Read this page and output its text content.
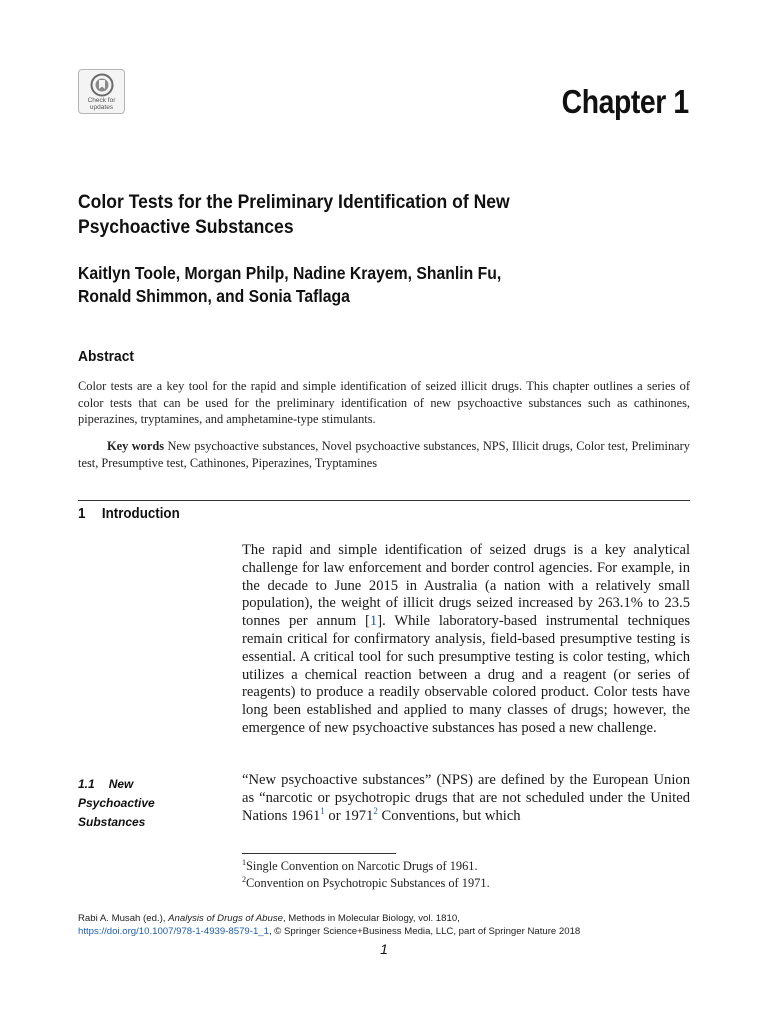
Check for
updates	Chapter 1
Color Tests for the Preliminary Identification of New
Psychoactive Substances
Kaitlyn Toole, Morgan Philp, Nadine Krayem, Shanlin Fu,
Ronald Shimmon, and Sonia Taflaga
Abstract
Color tests are a key tool for the rapid and simple identification of seized illicit drugs. This chapter outlines a series of color tests that can be used for the preliminary identification of new psychoactive substances such as cathinones, piperazines, tryptamines, and amphetamine-type stimulants.
Key words New psychoactive substances, Novel psychoactive substances, NPS, Illicit drugs, Color test, Preliminary test, Presumptive test, Cathinones, Piperazines, Tryptamines
1 Introduction
The rapid and simple identification of seized drugs is a key analytical challenge for law enforcement and border control agencies. For example, in the decade to June 2015 in Australia (a nation with a relatively small population), the weight of illicit drugs seized increased by 263.1% to 23.5 tonnes per annum [1]. While laboratory-based instrumental techniques remain critical for confirmatory analysis, field-based presumptive testing is essential. A critical tool for such presumptive testing is color testing, which utilizes a chemical reaction between a drug and a reagent (or series of reagents) to produce a readily observable colored product. Color tests have long been established and applied to many classes of drugs; however, the emergence of new psychoactive substances has posed a new challenge.
1.1 New
Psychoactive
Substances
“New psychoactive substances” (NPS) are defined by the European Union as “narcotic or psychotropic drugs that are not scheduled under the United Nations 1961$^1$ or 1971$^2$ Conventions, but which
$^1$Single Convention on Narcotic Drugs of 1961.
$^2$Convention on Psychotropic Substances of 1971.
Rabi A. Musah (ed.), Analysis of Drugs of Abuse, Methods in Molecular Biology, vol. 1810,
https://doi.org/10.1007/978-1-4939-8579-1_1, © Springer Science+Business Media, LLC, part of Springer Nature 2018
1
